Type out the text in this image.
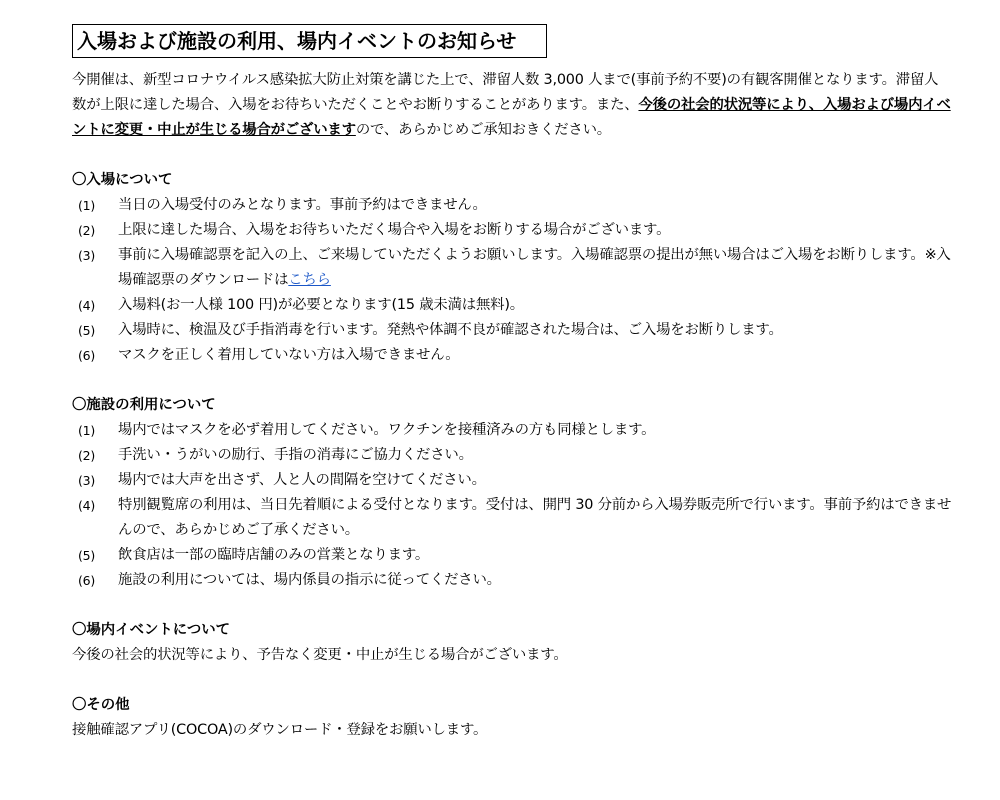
入場および施設の利用、場内イベントのお知らせ
今開催は、新型コロナウイルス感染拡大防止対策を講じた上で、滞留人数 3,000 人まで(事前予約不要)の有観客開催となります。滞留人数が上限に達した場合、入場をお待ちいただくことやお断りすることがあります。また、今後の社会的状況等により、入場および場内イベントに変更・中止が生じる場合がございますので、あらかじめご承知おきください。
〇入場について
(1)	当日の入場受付のみとなります。事前予約はできません。
(2)	上限に達した場合、入場をお待ちいただく場合や入場をお断りする場合がございます。
(3)	事前に入場確認票を記入の上、ご来場していただくようお願いします。入場確認票の提出が無い場合はご入場をお断りします。※入場確認票のダウンロードはこちら
(4)	入場料(お一人様 100 円)が必要となります(15 歳未満は無料)。
(5)	入場時に、検温及び手指消毒を行います。発熱や体調不良が確認された場合は、ご入場をお断りします。
(6)	マスクを正しく着用していない方は入場できません。
〇施設の利用について
(1)	場内ではマスクを必ず着用してください。ワクチンを接種済みの方も同様とします。
(2)	手洗い・うがいの励行、手指の消毒にご協力ください。
(3)	場内では大声を出さず、人と人の間隔を空けてください。
(4)	特別観覧席の利用は、当日先着順による受付となります。受付は、開門 30 分前から入場券販売所で行います。事前予約はできませんので、あらかじめご了承ください。
(5)	飲食店は一部の臨時店舗のみの営業となります。
(6)	施設の利用については、場内係員の指示に従ってください。
〇場内イベントについて
今後の社会的状況等により、予告なく変更・中止が生じる場合がございます。
〇その他
接触確認アプリ(COCOA)のダウンロード・登録をお願いします。
